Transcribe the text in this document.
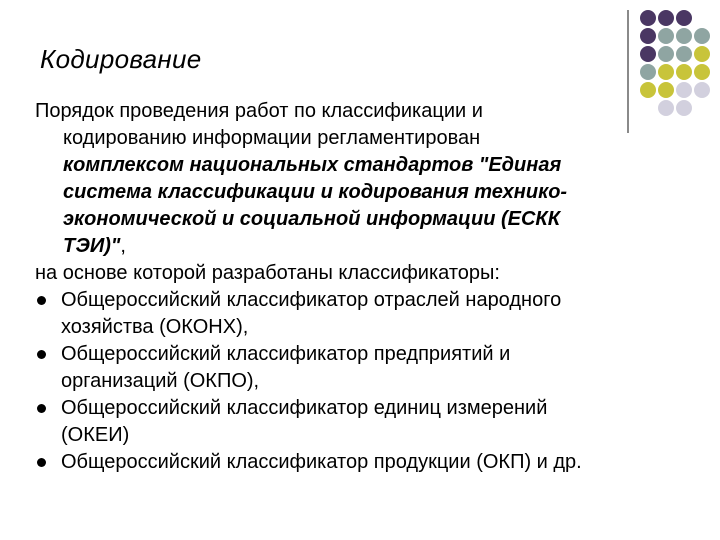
Кодирование

Порядок проведения работ по классификации и

кодированию информации регламентирован

комплексом национальных стандартов "Единая

система классификации и кодирования технико-

экономической и социальной информации (ЕСКК

ТЭИ)",

на основе которой разработаны классификаторы:

Общероссийский классификатор отраслей народного
хозяйства (ОКОНХ),
Общероссийский классификатор предприятий и
организаций (ОКПО),
Общероссийский классификатор единиц измерений
(ОКЕИ)
Общероссийский классификатор продукции (ОКП) и др.
